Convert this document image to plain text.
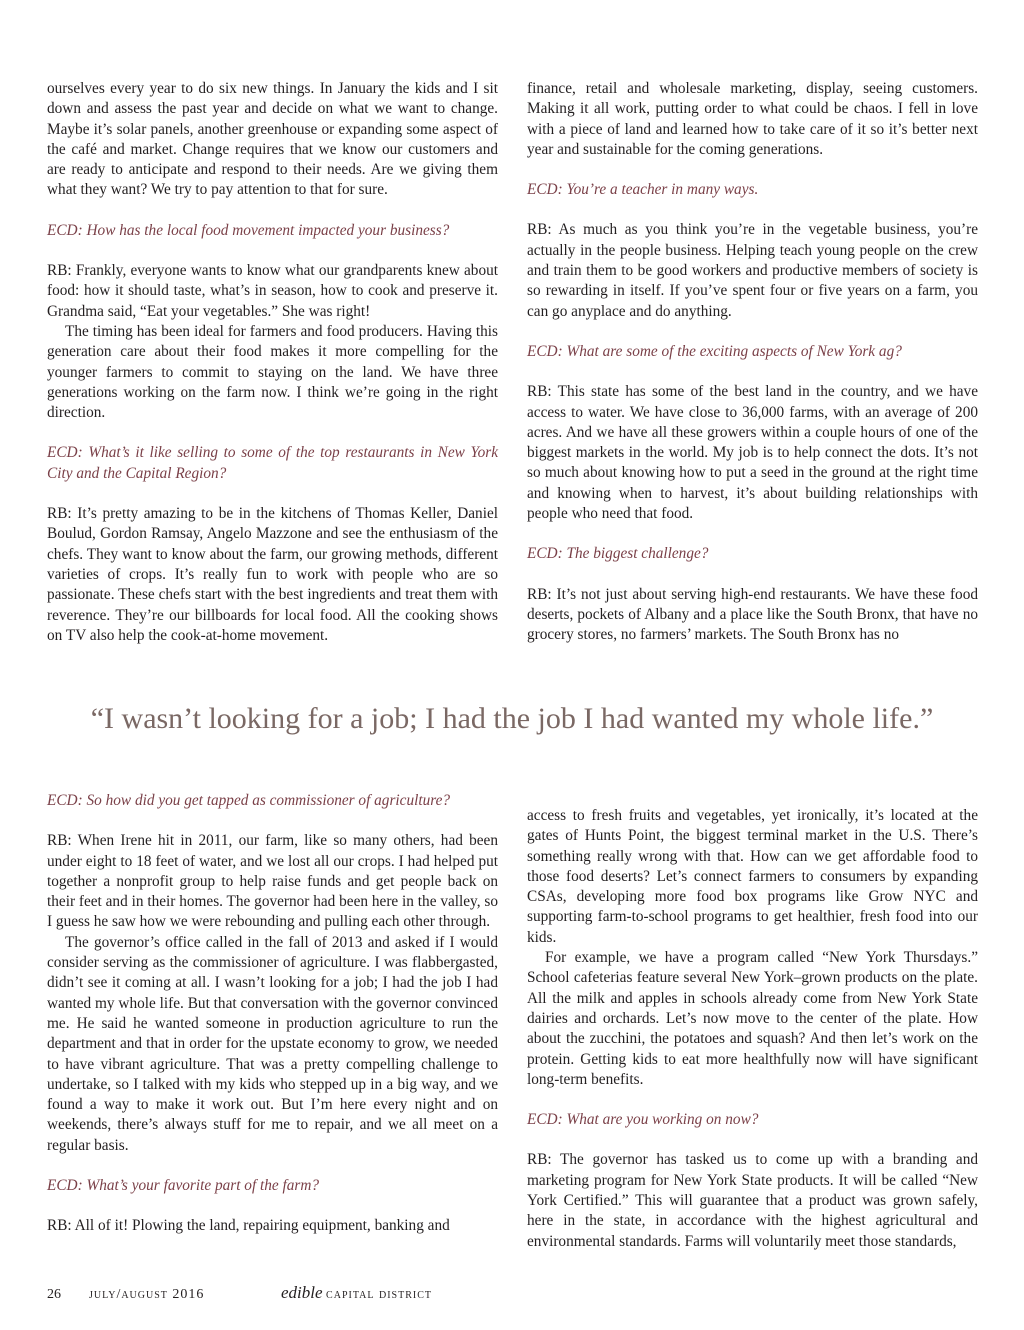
ourselves every year to do six new things. In January the kids and I sit down and assess the past year and decide on what we want to change. Maybe it’s solar panels, another greenhouse or expanding some aspect of the café and market. Change requires that we know our customers and are ready to anticipate and respond to their needs. Are we giving them what they want? We try to pay attention to that for sure.

ECD: How has the local food movement impacted your business?

RB: Frankly, everyone wants to know what our grandparents knew about food: how it should taste, what’s in season, how to cook and preserve it. Grandma said, “Eat your vegetables.” She was right!

The timing has been ideal for farmers and food producers. Having this generation care about their food makes it more compelling for the younger farmers to commit to staying on the land. We have three generations working on the farm now. I think we’re going in the right direction.

ECD: What’s it like selling to some of the top restaurants in New York City and the Capital Region?

RB: It’s pretty amazing to be in the kitchens of Thomas Keller, Daniel Boulud, Gordon Ramsay, Angelo Mazzone and see the enthusiasm of the chefs. They want to know about the farm, our growing methods, different varieties of crops. It’s really fun to work with people who are so passionate. These chefs start with the best ingredients and treat them with reverence. They’re our billboards for local food. All the cooking shows on TV also help the cook-at-home movement.

finance, retail and wholesale marketing, display, seeing customers. Making it all work, putting order to what could be chaos. I fell in love with a piece of land and learned how to take care of it so it’s better next year and sustainable for the coming generations.

ECD: You’re a teacher in many ways.

RB: As much as you think you’re in the vegetable business, you’re actually in the people business. Helping teach young people on the crew and train them to be good workers and productive members of society is so rewarding in itself. If you’ve spent four or five years on a farm, you can go anyplace and do anything.

ECD: What are some of the exciting aspects of New York ag?

RB: This state has some of the best land in the country, and we have access to water. We have close to 36,000 farms, with an average of 200 acres. And we have all these growers within a couple hours of one of the biggest markets in the world. My job is to help connect the dots. It’s not so much about knowing how to put a seed in the ground at the right time and knowing when to harvest, it’s about building relationships with people who need that food.

ECD: The biggest challenge?

RB: It’s not just about serving high-end restaurants. We have these food deserts, pockets of Albany and a place like the South Bronx, that have no grocery stores, no farmers’ markets. The South Bronx has no

“I wasn’t looking for a job; I had the job I had wanted my whole life.”

ECD: So how did you get tapped as commissioner of agriculture?

RB: When Irene hit in 2011, our farm, like so many others, had been under eight to 18 feet of water, and we lost all our crops. I had helped put together a nonprofit group to help raise funds and get people back on their feet and in their homes. The governor had been here in the valley, so I guess he saw how we were rebounding and pulling each other through.

The governor’s office called in the fall of 2013 and asked if I would consider serving as the commissioner of agriculture. I was flabbergasted, didn’t see it coming at all. I wasn’t looking for a job; I had the job I had wanted my whole life. But that conversation with the governor convinced me. He said he wanted someone in production agriculture to run the department and that in order for the upstate economy to grow, we needed to have vibrant agriculture. That was a pretty compelling challenge to undertake, so I talked with my kids who stepped up in a big way, and we found a way to make it work out. But I’m here every night and on weekends, there’s always stuff for me to repair, and we all meet on a regular basis.

ECD: What’s your favorite part of the farm?

RB: All of it! Plowing the land, repairing equipment, banking and

access to fresh fruits and vegetables, yet ironically, it’s located at the gates of Hunts Point, the biggest terminal market in the U.S. There’s something really wrong with that. How can we get affordable food to those food deserts? Let’s connect farmers to consumers by expanding CSAs, developing more food box programs like Grow NYC and supporting farm-to-school programs to get healthier, fresh food into our kids.

For example, we have a program called “New York Thursdays.” School cafeterias feature several New York–grown products on the plate. All the milk and apples in schools already come from New York State dairies and orchards. Let’s now move to the center of the plate. How about the zucchini, the potatoes and squash? And then let’s work on the protein. Getting kids to eat more healthfully now will have significant long-term benefits.

ECD: What are you working on now?

RB: The governor has tasked us to come up with a branding and marketing program for New York State products. It will be called “New York Certified.” This will guarantee that a product was grown safely, here in the state, in accordance with the highest agricultural and environmental standards. Farms will voluntarily meet those standards,

26 july/august 2016	edible capital district
